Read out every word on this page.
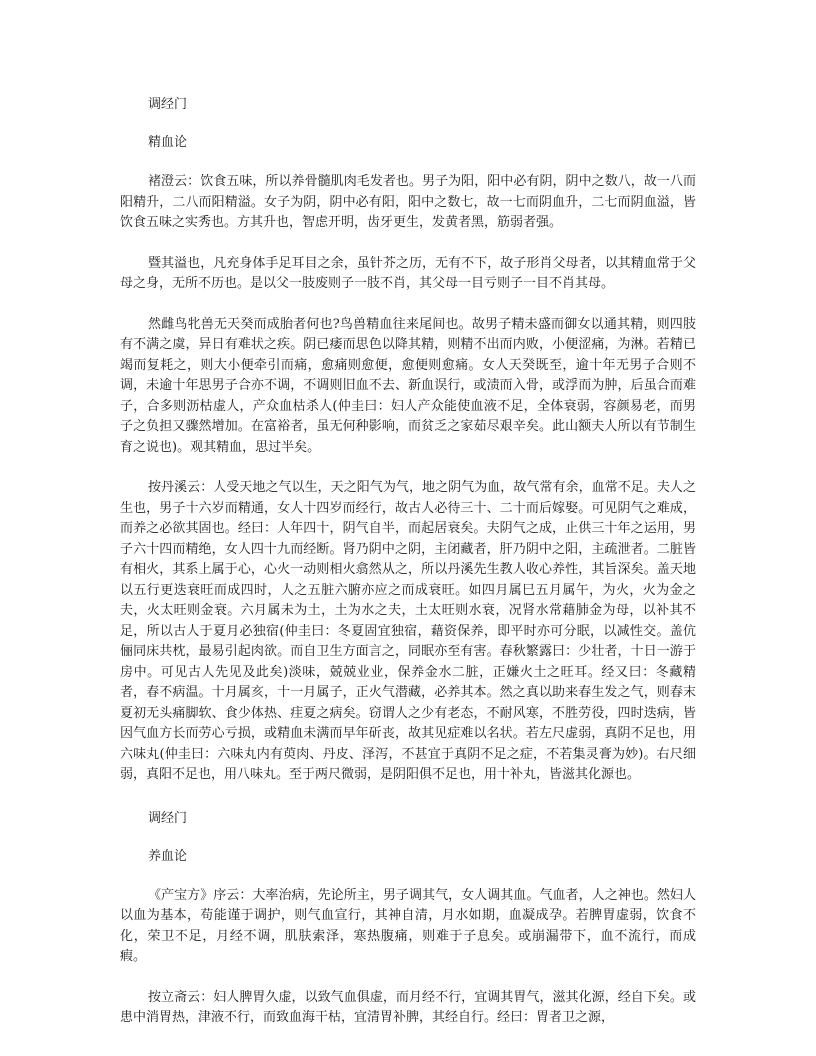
调经门

精血论

褚澄云：饮食五味，所以养骨髓肌肉毛发者也。男子为阳，阳中必有阴，阴中之数八，故一八而阳精升，二八而阳精溢。女子为阴，阴中必有阳，阳中之数七，故一七而阴血升，二七而阴血溢，皆饮食五味之实秀也。方其升也，智虑开明，齿牙更生，发黄者黑，筋弱者强。

暨其溢也，凡充身体手足耳目之余，虽针芥之历，无有不下，故子形肖父母者，以其精血常于父母之身，无所不历也。是以父一肢废则子一肢不肖，其父母一目亏则子一目不肖其母。

然雌鸟牝兽无天癸而成胎者何也?鸟兽精血往来尾间也。故男子精未盛而御女以通其精，则四肢有不满之虞，异日有难状之疾。阴已痿而思色以降其精，则精不出而内败，小便涩痛，为淋。若精已竭而复耗之，则大小便牵引而痛，愈痛则愈便，愈便则愈痛。女人天癸既至，逾十年无男子合则不调，未逾十年思男子合亦不调，不调则旧血不去、新血误行，或渍而入骨，或浮而为肿，后虽合而难子，合多则沥枯虚人，产众血枯杀人(仲圭曰：妇人产众能使血液不足，全体衰弱，容颜易老，而男子之负担又骤然增加。在富裕者，虽无何种影响，而贫乏之家茹尽艰辛矣。此山额夫人所以有节制生育之说也)。观其精血，思过半矣。

按丹溪云：人受天地之气以生，天之阳气为气，地之阴气为血，故气常有余，血常不足。夫人之生也，男子十六岁而精通，女人十四岁而经行，故古人必待三十、二十而后嫁娶。可见阴气之难成，而养之必欲其固也。经曰：人年四十，阴气自半，而起居衰矣。夫阴气之成，止供三十年之运用，男子六十四而精绝，女人四十九而经断。肾乃阴中之阴，主闭藏者，肝乃阴中之阳，主疏泄者。二脏皆有相火，其系上属于心，心火一动则相火翕然从之，所以丹溪先生教人收心养性，其旨深矣。盖天地以五行更迭衰旺而成四时，人之五脏六腑亦应之而成衰旺。如四月属巳五月属午，为火，火为金之夫，火太旺则金衰。六月属未为土，土为水之夫，土太旺则水衰，况肾水常藉肺金为母，以补其不足，所以古人于夏月必独宿(仲圭曰：冬夏固宜独宿，藉资保养，即平时亦可分眠，以减性交。盖伉俪同床共枕，最易引起肉欲。而自卫生方面言之，同眠亦至有害。春秋繁露曰：少壮者，十日一游于房中。可见古人先见及此矣)淡味，兢兢业业，保养金水二脏，正嫌火土之旺耳。经又曰：冬藏精者，春不病温。十月属亥，十一月属子，正火气潜藏，必养其本。然之真以助来春生发之气，则春末夏初无头痛脚软、食少体热、疰夏之病矣。窃谓人之少有老态，不耐风寒，不胜劳役，四时迭病，皆因气血方长而劳心亏损，或精血未满而早年斫丧，故其见症难以名状。若左尺虚弱，真阴不足也，用六味丸(仲圭曰：六味丸内有萸肉、丹皮、泽泻，不甚宜于真阴不足之症，不若集灵膏为妙)。右尺细弱，真阳不足也，用八味丸。至于两尺微弱，是阴阳俱不足也，用十补丸，皆滋其化源也。

调经门

养血论

《产宝方》序云：大率治病，先论所主，男子调其气，女人调其血。气血者，人之神也。然妇人以血为基本，苟能谨于调护，则气血宣行，其神自清，月水如期，血凝成孕。若脾胃虚弱，饮食不化，荣卫不足，月经不调，肌肤索泽，寒热腹痛，则难于子息矣。或崩漏带下，血不流行，而成 瘕。

按立斋云：妇人脾胃久虚，以致气血俱虚，而月经不行，宜调其胃气，滋其化源，经自下矣。或患中消胃热，津液不行，而致血海干枯，宜清胃补脾，其经自行。经曰：胃者卫之源，
